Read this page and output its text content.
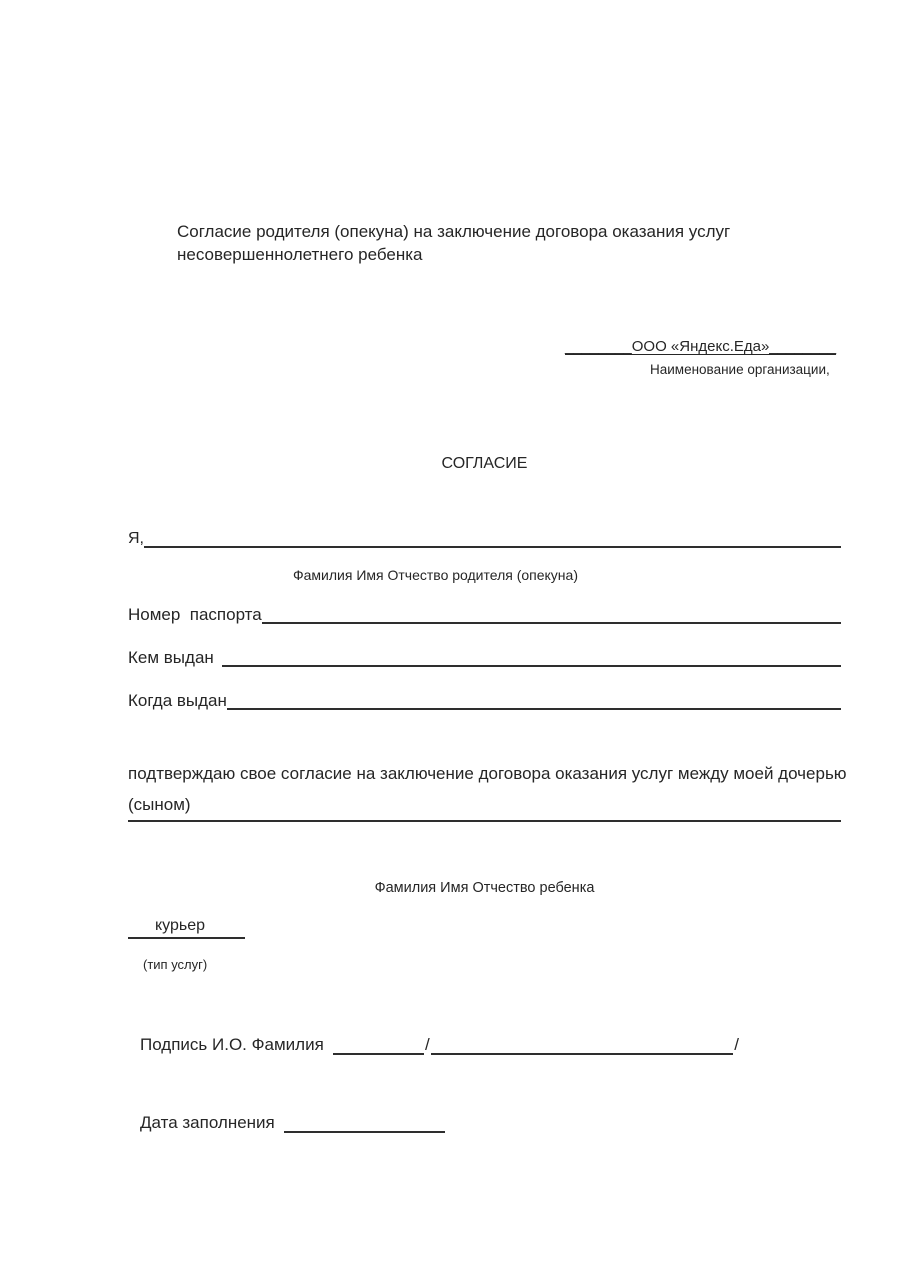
Согласие родителя (опекуна) на заключение договора оказания услуг несовершеннолетнего ребенка
________ООО «Яндекс.Еда»________
Наименование организации,
СОГЛАСИЕ
Я,
Фамилия Имя Отчество родителя (опекуна)
Номер  паспорта
Кем выдан
Когда выдан
подтверждаю свое согласие на заключение договора оказания услуг между моей дочерью (сыном)
Фамилия Имя Отчество ребенка
курьер
(тип услуг)
Подпись И.О. Фамилия	/	/
Дата заполнения
